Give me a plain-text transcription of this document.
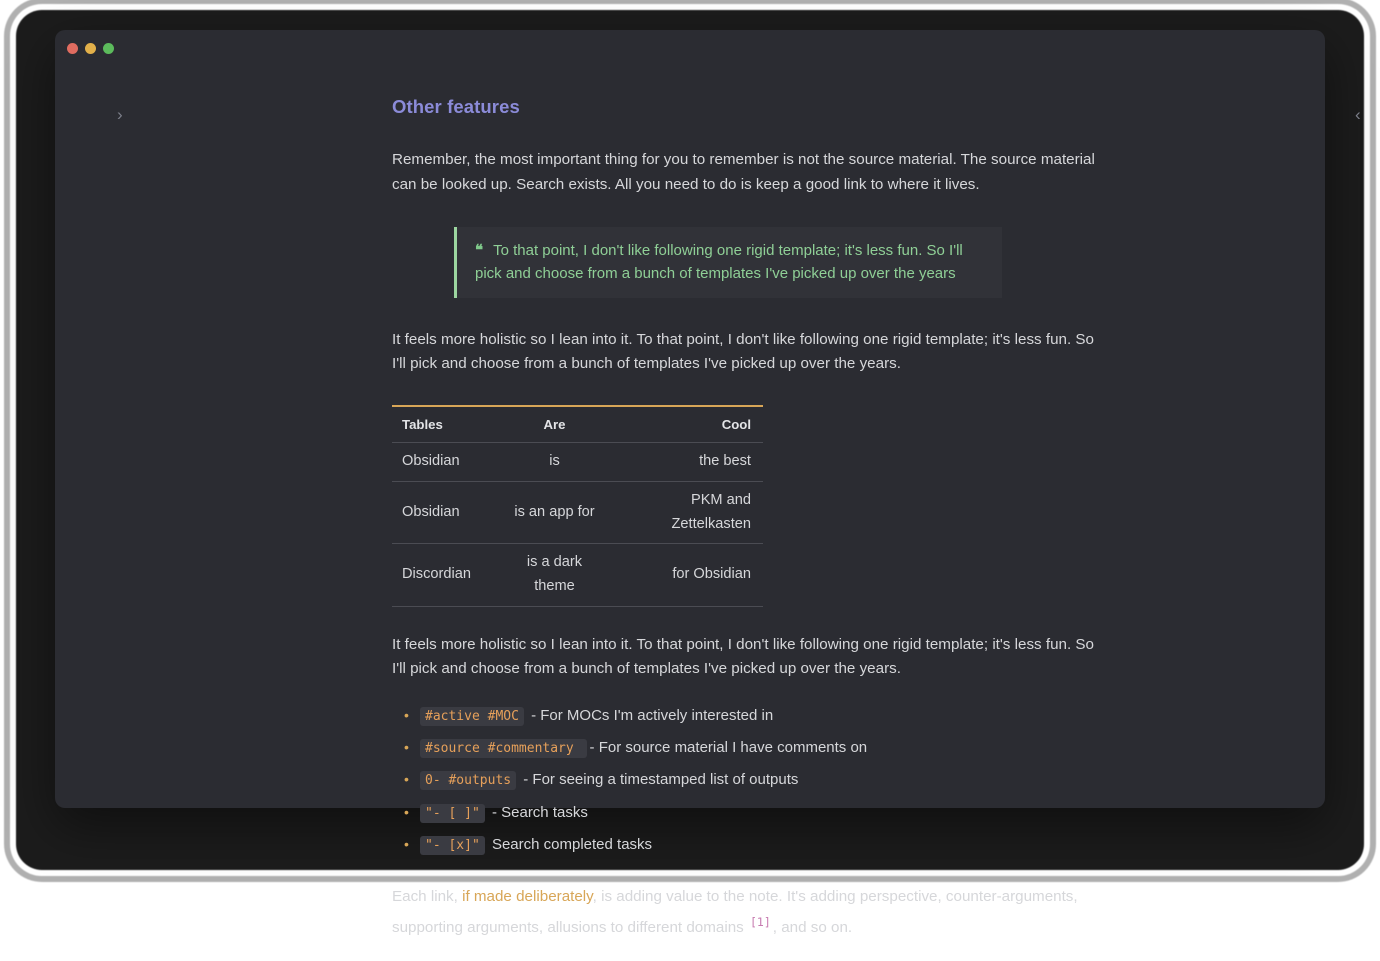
›	‹
Other features

Remember, the most important thing for you to remember is not the source material. The source material can be looked up. Search exists. All you need to do is keep a good link to where it lives.

❝ To that point, I don't like following one rigid template; it's less fun. So I'll pick and choose from a bunch of templates I've picked up over the years

It feels more holistic so I lean into it. To that point, I don't like following one rigid template; it's less fun. So I'll pick and choose from a bunch of templates I've picked up over the years.

Tables	Are	Cool
Obsidian	is	the best
Obsidian	is an app for	PKM and Zettelkasten
Discordian	is a dark theme	for Obsidian

It feels more holistic so I lean into it. To that point, I don't like following one rigid template; it's less fun. So I'll pick and choose from a bunch of templates I've picked up over the years.

• #active #MOC - For MOCs I'm actively interested in
• #source #commentary - For source material I have comments on
• 0- #outputs - For seeing a timestamped list of outputs
• "- [ ]" - Search tasks
• "- [x]" Search completed tasks

Each link, if made deliberately, is adding value to the note. It's adding perspective, counter-arguments, supporting arguments, allusions to different domains [1] , and so on.
